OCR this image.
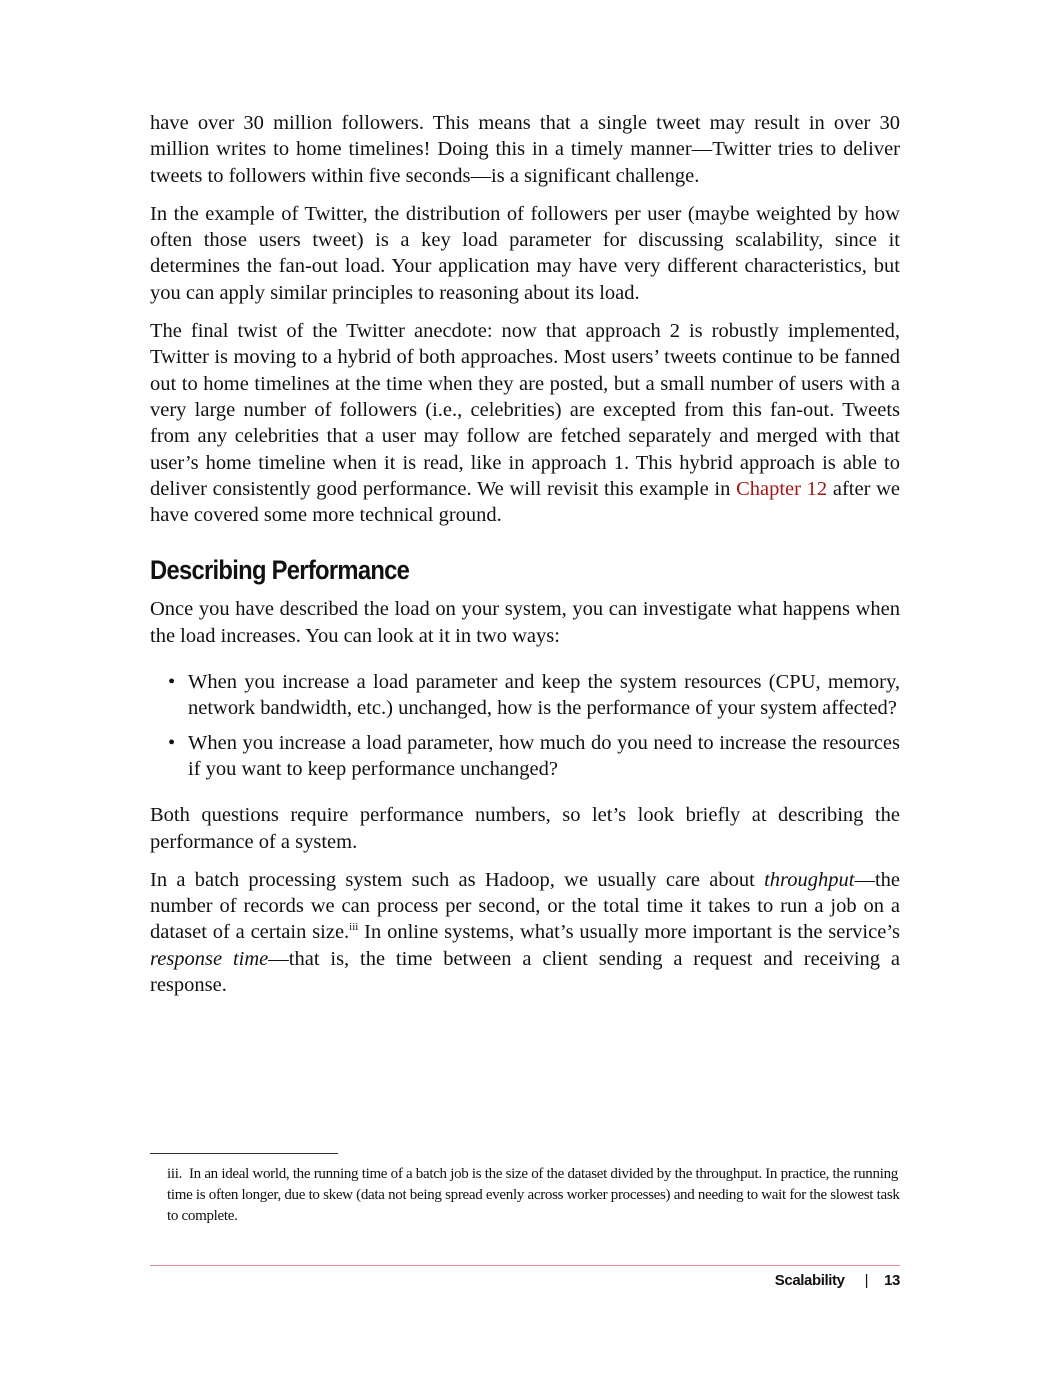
have over 30 million followers. This means that a single tweet may result in over 30 million writes to home timelines! Doing this in a timely manner—Twitter tries to deliver tweets to followers within five seconds—is a significant challenge.

In the example of Twitter, the distribution of followers per user (maybe weighted by how often those users tweet) is a key load parameter for discussing scalability, since it determines the fan-out load. Your application may have very different characteristics, but you can apply similar principles to reasoning about its load.

The final twist of the Twitter anecdote: now that approach 2 is robustly implemented, Twitter is moving to a hybrid of both approaches. Most users’ tweets continue to be fanned out to home timelines at the time when they are posted, but a small number of users with a very large number of followers (i.e., celebrities) are excepted from this fan-out. Tweets from any celebrities that a user may follow are fetched separately and merged with that user’s home timeline when it is read, like in approach 1. This hybrid approach is able to deliver consistently good performance. We will revisit this example in Chapter 12 after we have covered some more technical ground.

Describing Performance

Once you have described the load on your system, you can investigate what happens when the load increases. You can look at it in two ways:

• When you increase a load parameter and keep the system resources (CPU, memory, network bandwidth, etc.) unchanged, how is the performance of your system affected?
• When you increase a load parameter, how much do you need to increase the resources if you want to keep performance unchanged?

Both questions require performance numbers, so let’s look briefly at describing the performance of a system.

In a batch processing system such as Hadoop, we usually care about throughput—the number of records we can process per second, or the total time it takes to run a job on a dataset of a certain size.$^{iii}$ In online systems, what’s usually more important is the service’s response time—that is, the time between a client sending a request and receiving a response.

iii. In an ideal world, the running time of a batch job is the size of the dataset divided by the throughput. In practice, the running time is often longer, due to skew (data not being spread evenly across worker processes) and needing to wait for the slowest task to complete.
Scalability | 13
